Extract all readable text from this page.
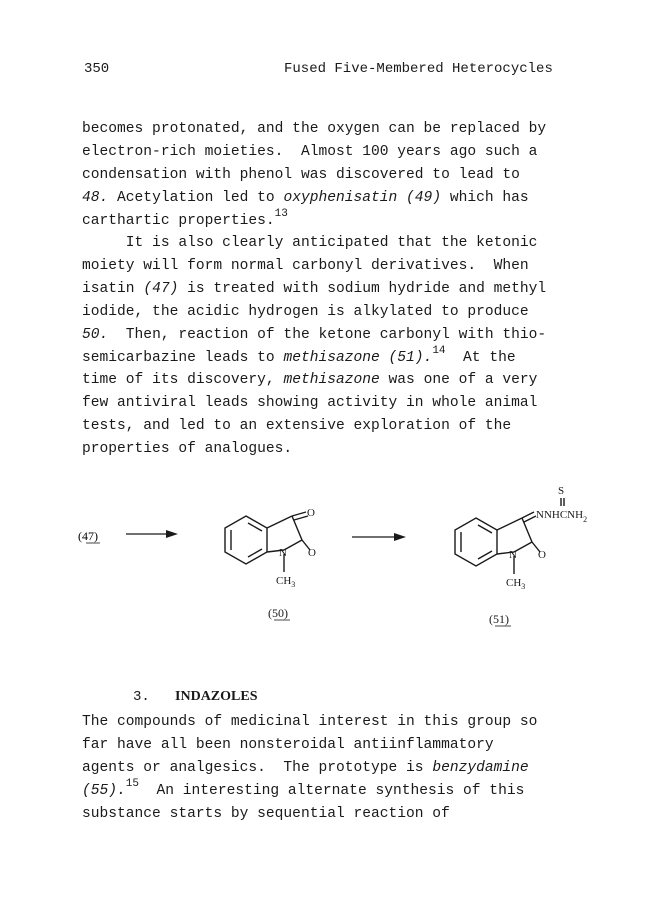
350	Fused Five-Membered Heterocycles
becomes protonated, and the oxygen can be replaced by
electron-rich moieties.  Almost 100 years ago such a
condensation with phenol was discovered to lead to
48. Acetylation led to oxyphenisatin (49) which has
carthartic properties.$^{13}$
It is also clearly anticipated that the ketonic
moiety will form normal carbonyl derivatives.  When
isatin (47) is treated with sodium hydride and methyl
iodide, the acidic hydrogen is alkylated to produce
50.  Then, reaction of the ketone carbonyl with thio-
semicarbazine leads to methisazone (51).$^{14}$  At the
time of its discovery, methisazone was one of a very
few antiviral leads showing activity in whole animal
tests, and led to an extensive exploration of the
properties of analogues.
The compounds of medicinal interest in this group so
far have all been nonsteroidal antiinflammatory
agents or analgesics.  The prototype is benzydamine
(55).$^{15}$  An interesting alternate synthesis of this
substance starts by sequential reaction of
(47)
O
N O
$CH_3$
(50)
S
$NNHCNH_2$
N O
$CH_3$
(51)
3. INDAZOLES
